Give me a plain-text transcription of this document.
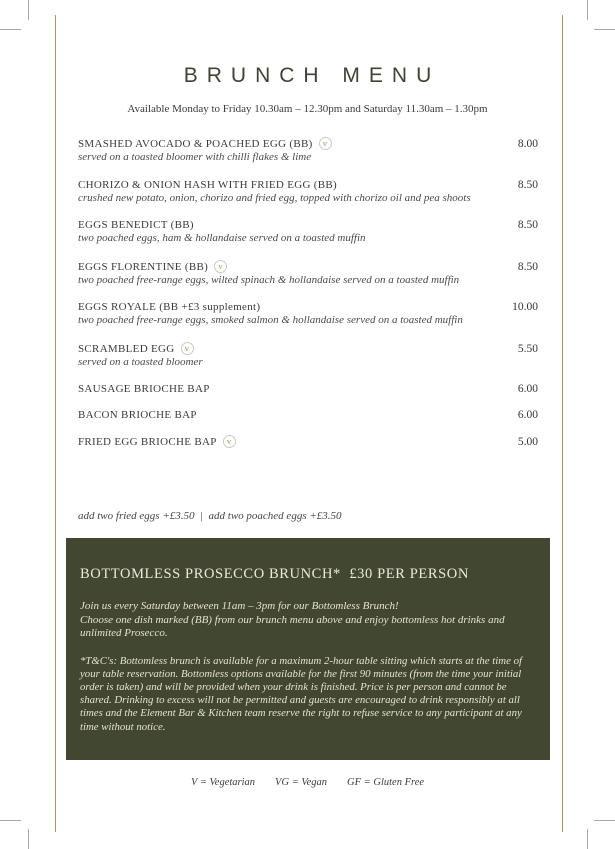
BRUNCH MENU
Available Monday to Friday 10.30am – 12.30pm and Saturday 11.30am – 1.30pm
SMASHED AVOCADO & POACHED EGG (BB) v	8.00
served on a toasted bloomer with chilli flakes & lime
CHORIZO & ONION HASH WITH FRIED EGG (BB)	8.50
crushed new potato, onion, chorizo and fried egg, topped with chorizo oil and pea shoots
EGGS BENEDICT (BB)	8.50
two poached eggs, ham & hollandaise served on a toasted muffin
EGGS FLORENTINE (BB) v	8.50
two poached free-range eggs, wilted spinach & hollandaise served on a toasted muffin
EGGS ROYALE (BB +£3 supplement)	10.00
two poached free-range eggs, smoked salmon & hollandaise served on a toasted muffin
SCRAMBLED EGG v	5.50
served on a toasted bloomer
SAUSAGE BRIOCHE BAP	6.00
BACON BRIOCHE BAP	6.00
FRIED EGG BRIOCHE BAP v	5.00

add two fried eggs +£3.50  |  add two poached eggs +£3.50

BOTTOMLESS PROSECCO BRUNCH*  £30 PER PERSON
Join us every Saturday between 11am – 3pm for our Bottomless Brunch!
Choose one dish marked (BB) from our brunch menu above and enjoy bottomless hot drinks and unlimited Prosecco.
*T&C's: Bottomless brunch is available for a maximum 2-hour table sitting which starts at the time of your table reservation. Bottomless options available for the first 90 minutes (from the time your initial order is taken) and will be provided when your drink is finished. Price is per person and cannot be shared. Drinking to excess will not be permitted and guests are encouraged to drink responsibly at all times and the Element Bar & Kitchen team reserve the right to refuse service to any participant at any time without notice.
V = Vegetarian VG = Vegan GF = Gluten Free
